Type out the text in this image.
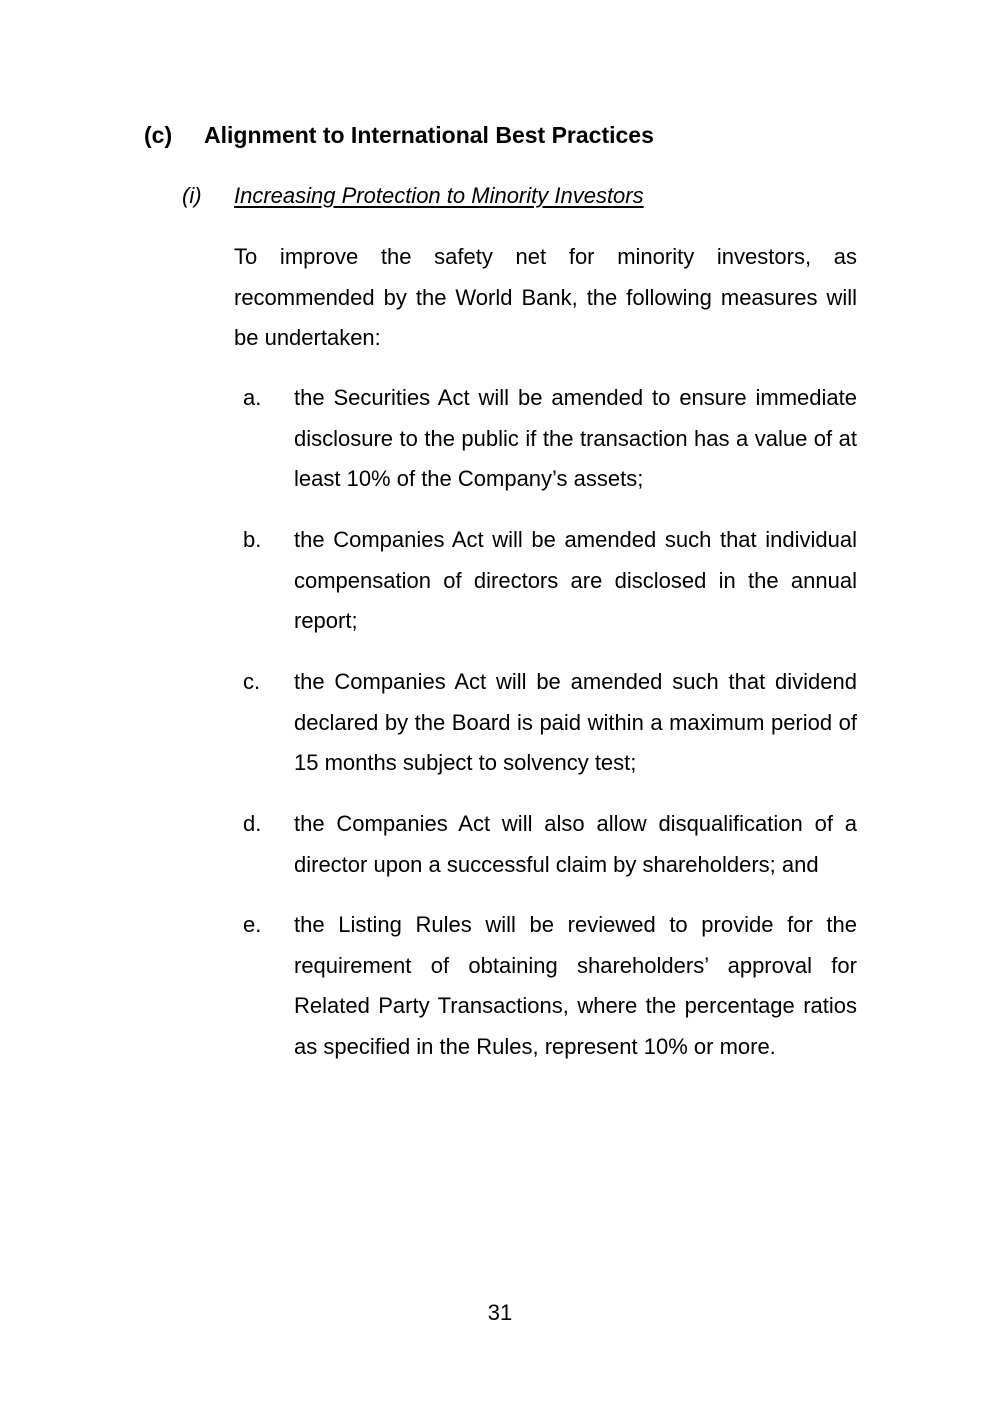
(c) Alignment to International Best Practices
(i) Increasing Protection to Minority Investors

To improve the safety net for minority investors, as recommended by the World Bank, the following measures will be undertaken:

a. the Securities Act will be amended to ensure immediate disclosure to the public if the transaction has a value of at least 10% of the Company’s assets;
b. the Companies Act will be amended such that individual compensation of directors are disclosed in the annual report;
c. the Companies Act will be amended such that dividend declared by the Board is paid within a maximum period of 15 months subject to solvency test;
d. the Companies Act will also allow disqualification of a director upon a successful claim by shareholders; and
e. the Listing Rules will be reviewed to provide for the requirement of obtaining shareholders’ approval for Related Party Transactions, where the percentage ratios as specified in the Rules, represent 10% or more.
31
